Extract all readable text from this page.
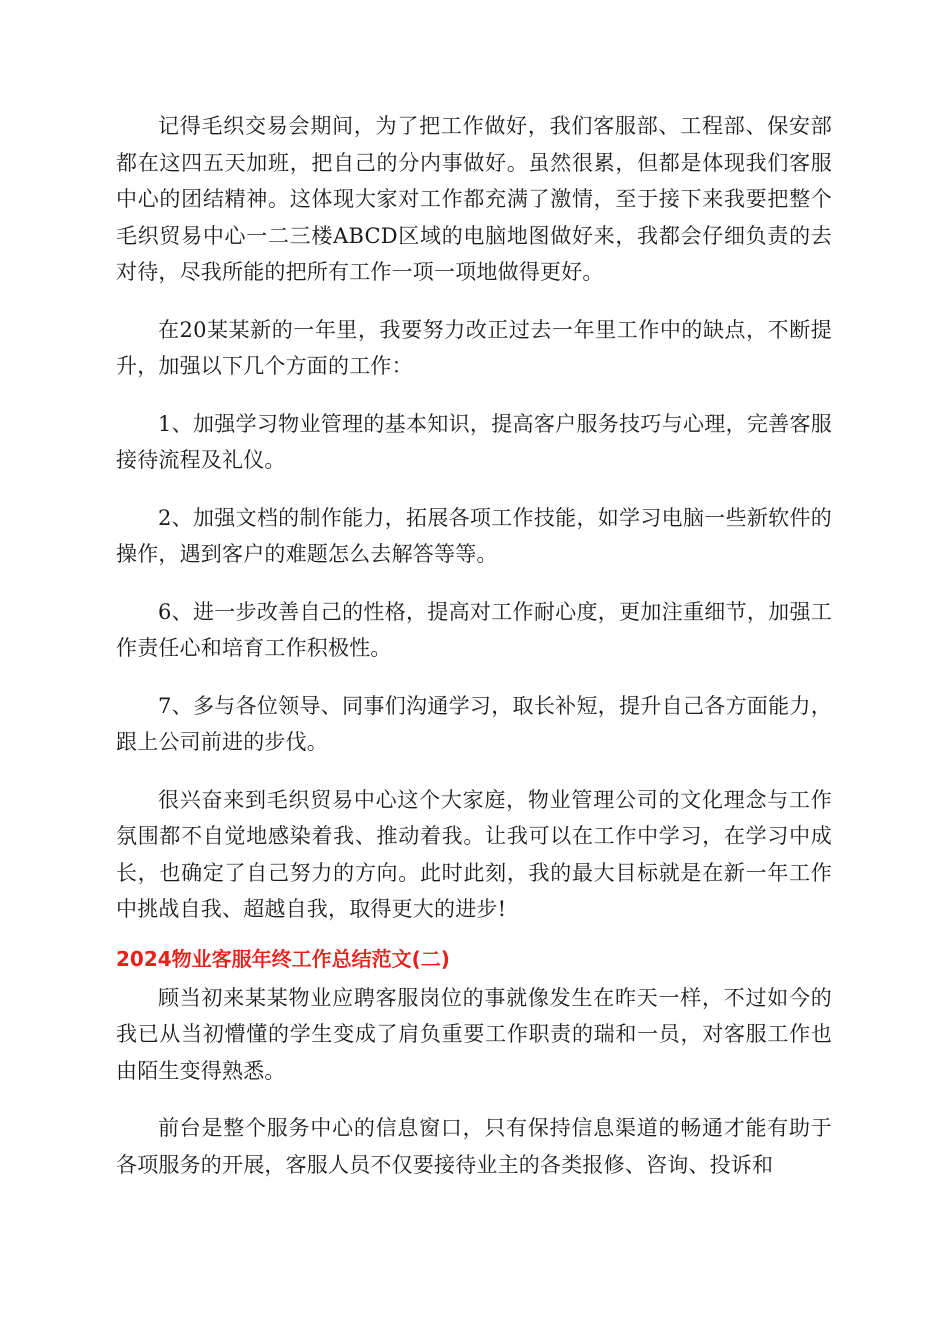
记得毛织交易会期间，为了把工作做好，我们客服部、工程部、保安部都在这四五天加班，把自己的分内事做好。虽然很累，但都是体现我们客服中心的团结精神。这体现大家对工作都充满了激情，至于接下来我要把整个毛织贸易中心一二三楼ABCD区域的电脑地图做好来，我都会仔细负责的去对待，尽我所能的把所有工作一项一项地做得更好。

在20某某新的一年里，我要努力改正过去一年里工作中的缺点，不断提升，加强以下几个方面的工作：

1、加强学习物业管理的基本知识，提高客户服务技巧与心理，完善客服接待流程及礼仪。

2、加强文档的制作能力，拓展各项工作技能，如学习电脑一些新软件的操作，遇到客户的难题怎么去解答等等。

6、进一步改善自己的性格，提高对工作耐心度，更加注重细节，加强工作责任心和培育工作积极性。

7、多与各位领导、同事们沟通学习，取长补短，提升自己各方面能力，跟上公司前进的步伐。

很兴奋来到毛织贸易中心这个大家庭，物业管理公司的文化理念与工作氛围都不自觉地感染着我、推动着我。让我可以在工作中学习，在学习中成长，也确定了自己努力的方向。此时此刻，我的最大目标就是在新一年工作中挑战自我、超越自我，取得更大的进步!

2024物业客服年终工作总结范文(二)

顾当初来某某物业应聘客服岗位的事就像发生在昨天一样，不过如今的我已从当初懵懂的学生变成了肩负重要工作职责的瑞和一员，对客服工作也由陌生变得熟悉。

前台是整个服务中心的信息窗口，只有保持信息渠道的畅通才能有助于各项服务的开展，客服人员不仅要接待业主的各类报修、咨询、投诉和
